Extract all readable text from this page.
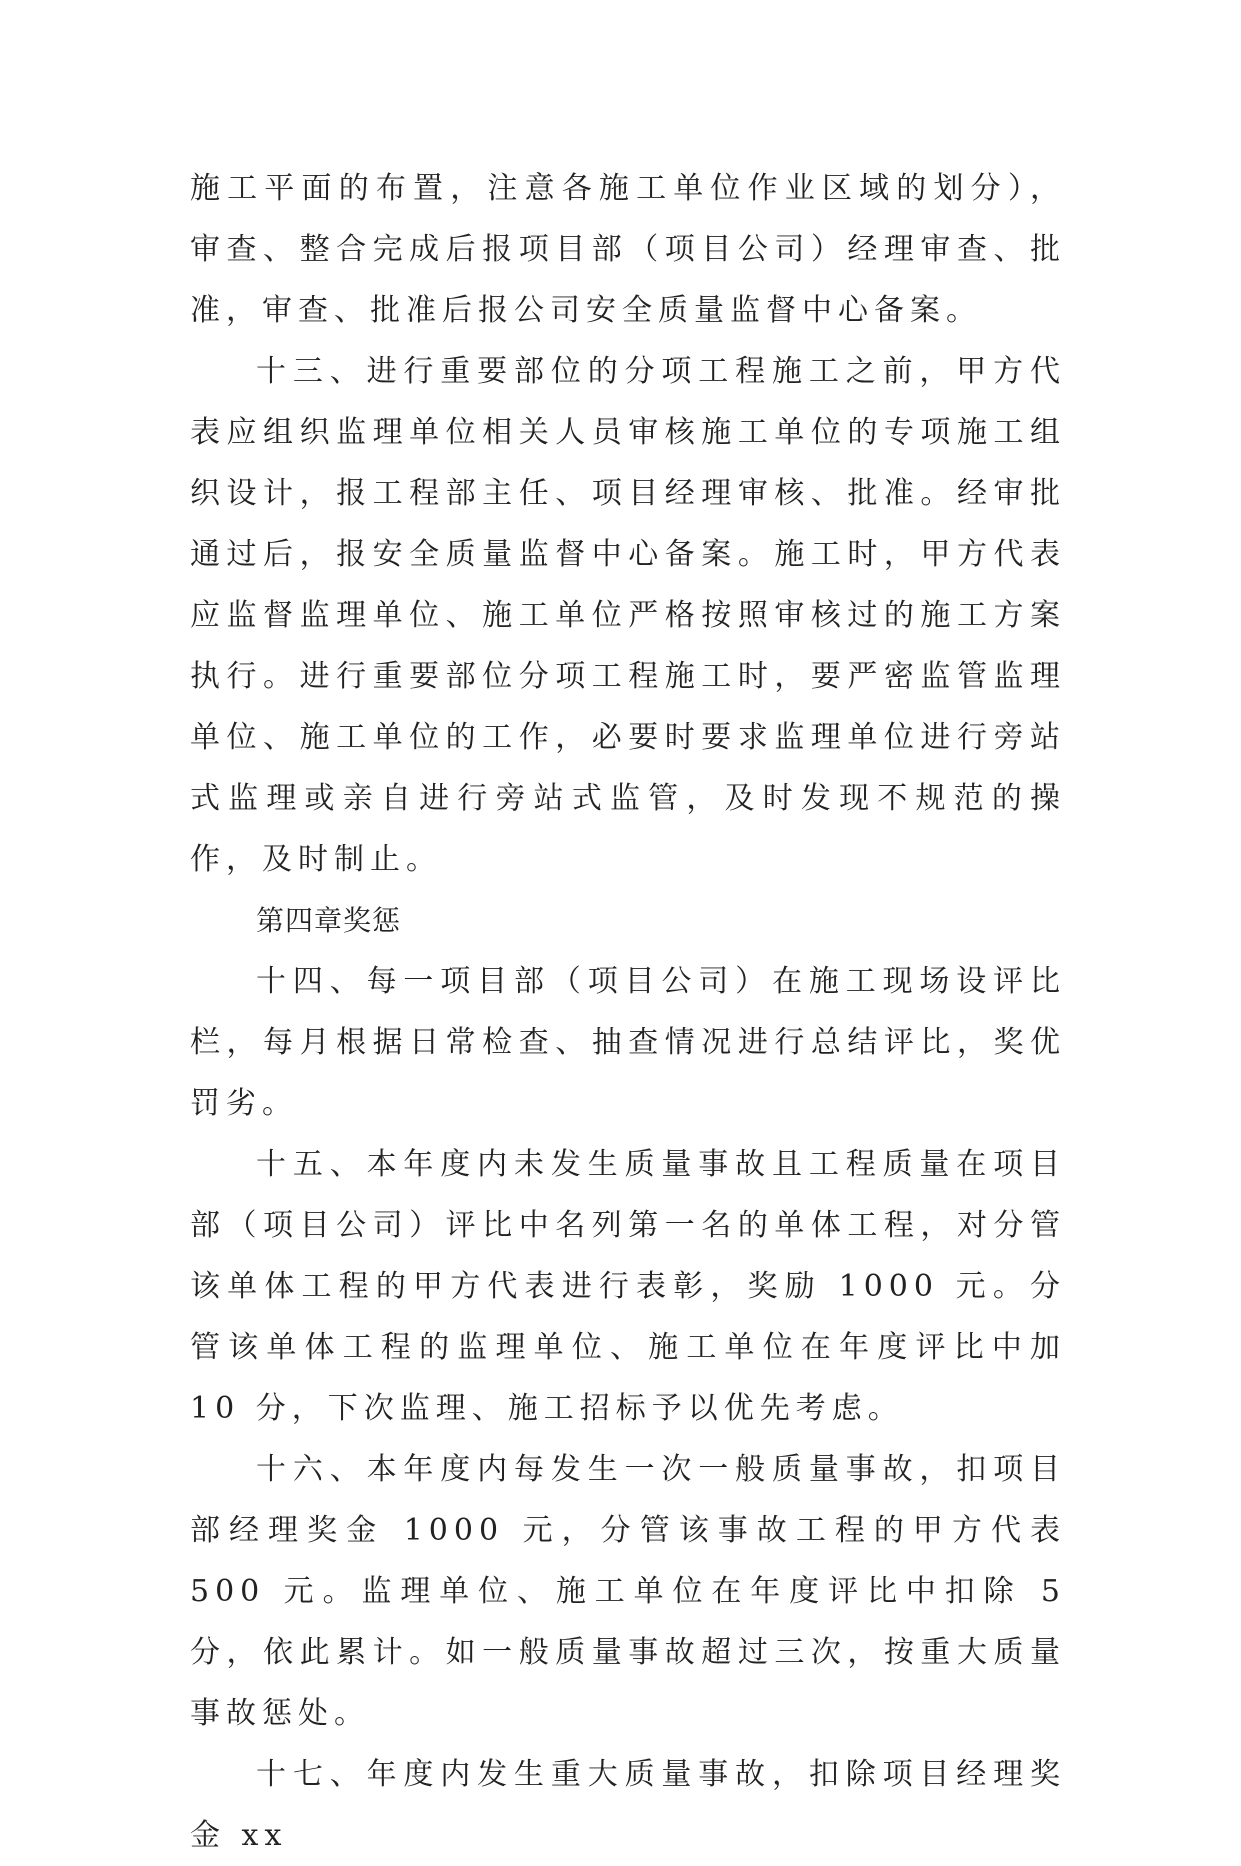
施工平面的布置，注意各施工单位作业区域的划分），审查、整合完成后报项目部（项目公司）经理审查、批准，审查、批准后报公司安全质量监督中心备案。

十三、进行重要部位的分项工程施工之前，甲方代表应组织监理单位相关人员审核施工单位的专项施工组织设计，报工程部主任、项目经理审核、批准。经审批通过后，报安全质量监督中心备案。施工时，甲方代表应监督监理单位、施工单位严格按照审核过的施工方案执行。进行重要部位分项工程施工时，要严密监管监理单位、施工单位的工作，必要时要求监理单位进行旁站式监理或亲自进行旁站式监管，及时发现不规范的操作，及时制止。

第四章奖惩

十四、每一项目部（项目公司）在施工现场设评比栏，每月根据日常检查、抽查情况进行总结评比，奖优罚劣。

十五、本年度内未发生质量事故且工程质量在项目部（项目公司）评比中名列第一名的单体工程，对分管该单体工程的甲方代表进行表彰，奖励 1000 元。分管该单体工程的监理单位、施工单位在年度评比中加 10 分，下次监理、施工招标予以优先考虑。

十六、本年度内每发生一次一般质量事故，扣项目部经理奖金 1000 元，分管该事故工程的甲方代表 500 元。监理单位、施工单位在年度评比中扣除 5 分，依此累计。如一般质量事故超过三次，按重大质量事故惩处。

十七、年度内发生重大质量事故，扣除项目经理奖金 xx
